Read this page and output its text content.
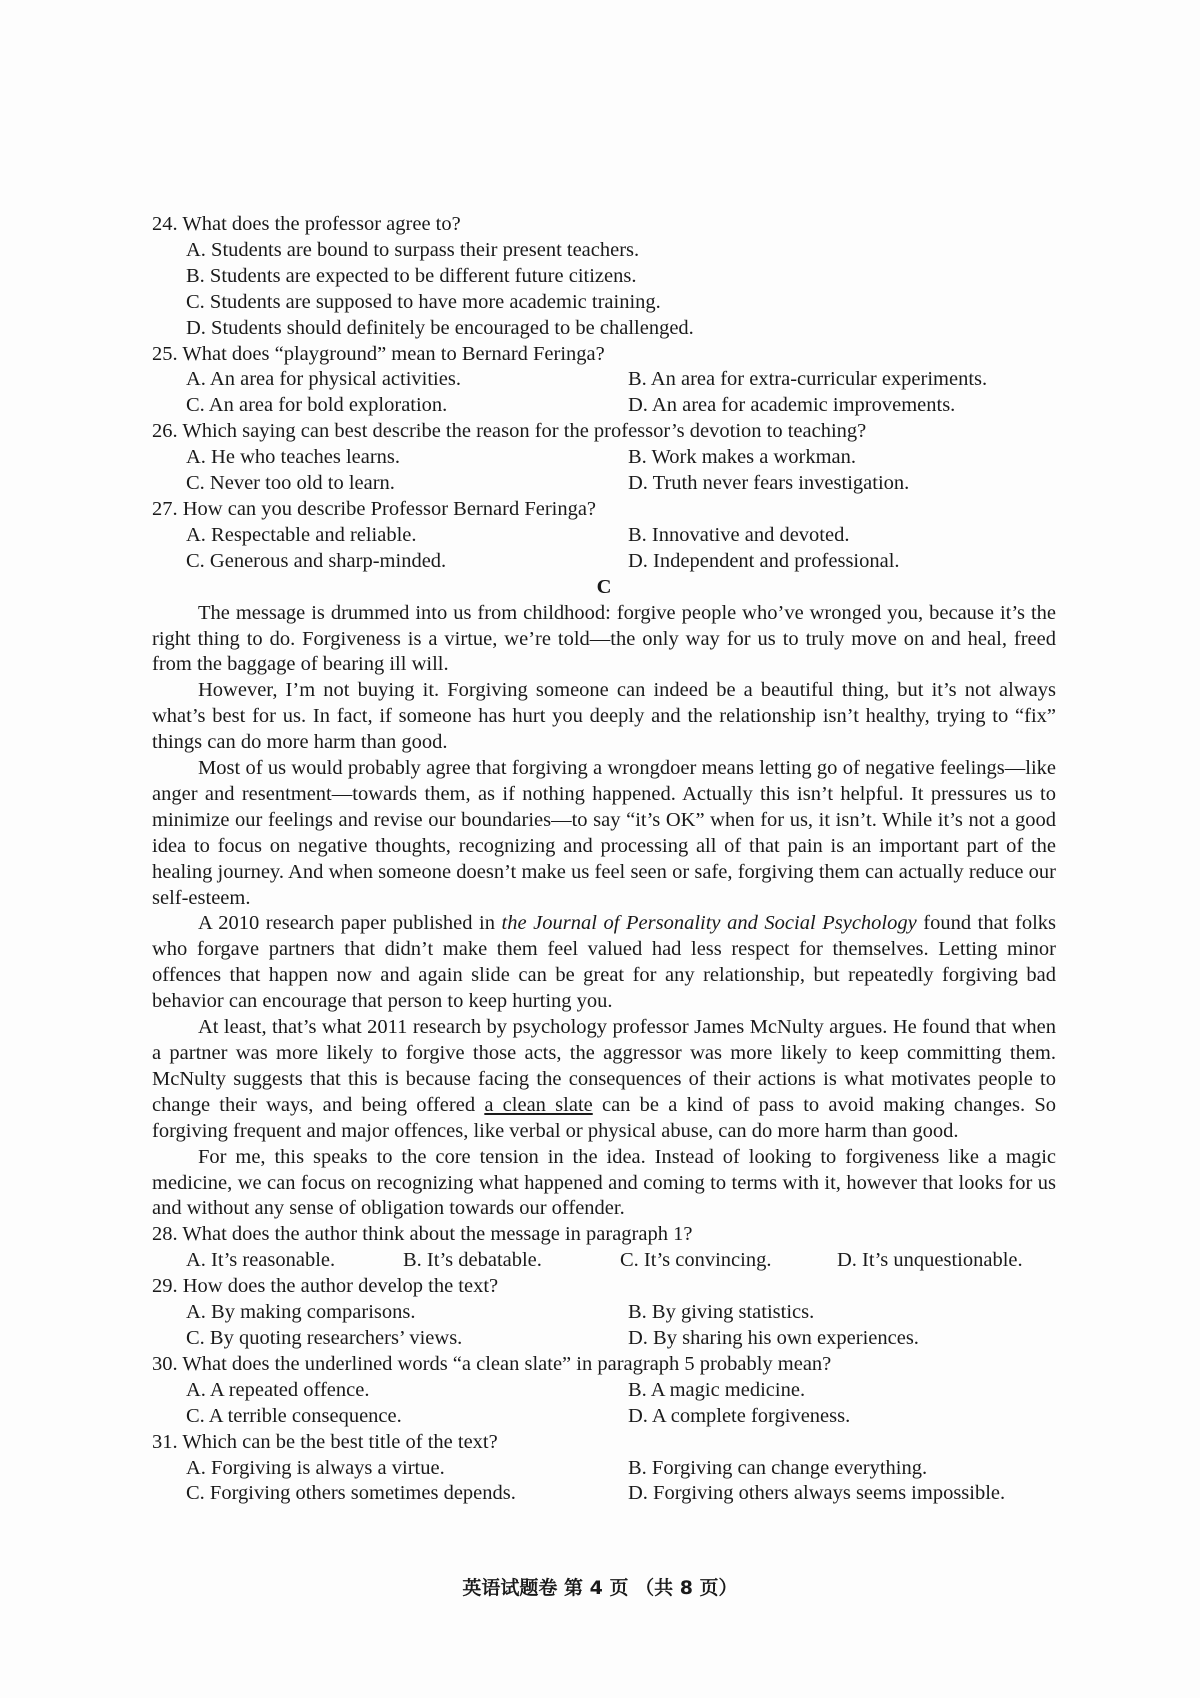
24. What does the professor agree to?
A. Students are bound to surpass their present teachers.
B. Students are expected to be different future citizens.
C. Students are supposed to have more academic training.
D. Students should definitely be encouraged to be challenged.
25. What does “playground” mean to Bernard Feringa?
A. An area for physical activities.	B. An area for extra-curricular experiments.
C. An area for bold exploration.	D. An area for academic improvements.
26. Which saying can best describe the reason for the professor’s devotion to teaching?
A. He who teaches learns.	B. Work makes a workman.
C. Never too old to learn.	D. Truth never fears investigation.
27. How can you describe Professor Bernard Feringa?
A. Respectable and reliable.	B. Innovative and devoted.
C. Generous and sharp-minded.	D. Independent and professional.
C

The message is drummed into us from childhood: forgive people who’ve wronged you, because it’s the right thing to do. Forgiveness is a virtue, we’re told—the only way for us to truly move on and heal, freed from the baggage of bearing ill will.

However, I’m not buying it. Forgiving someone can indeed be a beautiful thing, but it’s not always what’s best for us. In fact, if someone has hurt you deeply and the relationship isn’t healthy, trying to “fix” things can do more harm than good.

Most of us would probably agree that forgiving a wrongdoer means letting go of negative feelings—like anger and resentment—towards them, as if nothing happened. Actually this isn’t helpful. It pressures us to minimize our feelings and revise our boundaries—to say “it’s OK” when for us, it isn’t. While it’s not a good idea to focus on negative thoughts, recognizing and processing all of that pain is an important part of the healing journey. And when someone doesn’t make us feel seen or safe, forgiving them can actually reduce our self-esteem.

A 2010 research paper published in the Journal of Personality and Social Psychology found that folks who forgave partners that didn’t make them feel valued had less respect for themselves. Letting minor offences that happen now and again slide can be great for any relationship, but repeatedly forgiving bad behavior can encourage that person to keep hurting you.

At least, that’s what 2011 research by psychology professor James McNulty argues. He found that when a partner was more likely to forgive those acts, the aggressor was more likely to keep committing them. McNulty suggests that this is because facing the consequences of their actions is what motivates people to change their ways, and being offered a clean slate can be a kind of pass to avoid making changes. So forgiving frequent and major offences, like verbal or physical abuse, can do more harm than good.

For me, this speaks to the core tension in the idea. Instead of looking to forgiveness like a magic medicine, we can focus on recognizing what happened and coming to terms with it, however that looks for us and without any sense of obligation towards our offender.

28. What does the author think about the message in paragraph 1?
A. It’s reasonable.	B. It’s debatable.	C. It’s convincing.	D. It’s unquestionable.
29. How does the author develop the text?
A. By making comparisons.	B. By giving statistics.
C. By quoting researchers’ views.	D. By sharing his own experiences.
30. What does the underlined words “a clean slate” in paragraph 5 probably mean?
A. A repeated offence.	B. A magic medicine.
C. A terrible consequence.	D. A complete forgiveness.
31. Which can be the best title of the text?
A. Forgiving is always a virtue.	B. Forgiving can change everything.
C. Forgiving others sometimes depends.	D. Forgiving others always seems impossible.
英语试题卷 第 4 页 （共 8 页）
